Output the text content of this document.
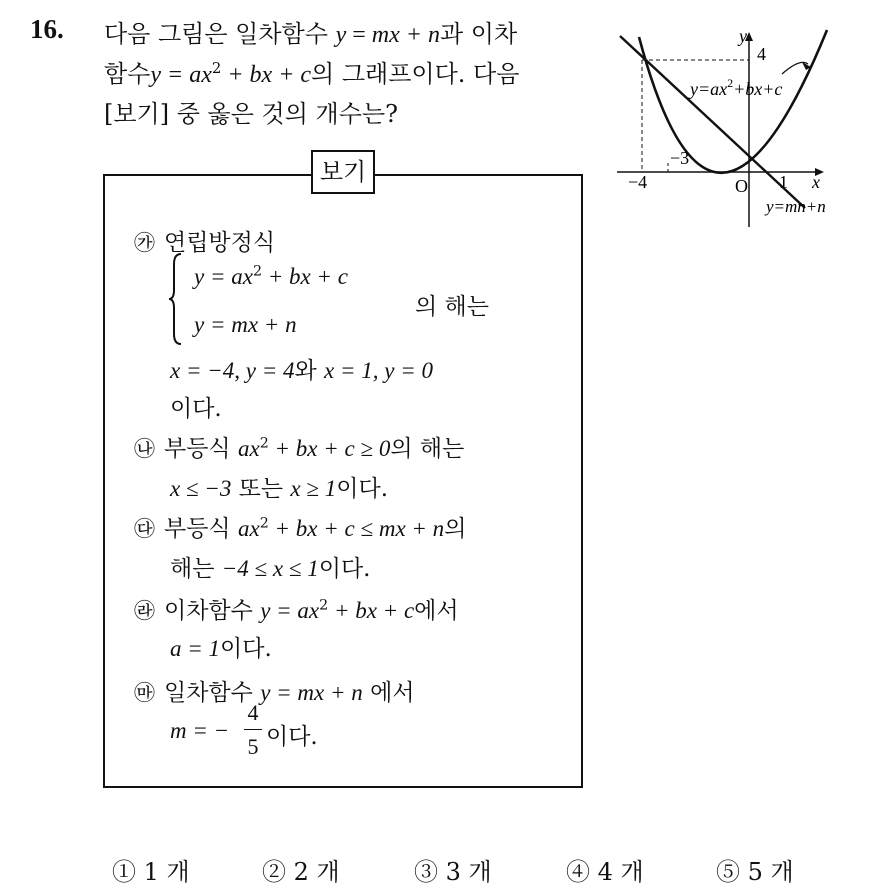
16. 다음 그림은 일차함수 y = mx + n과 이차
함수$y = ax^2$ + bx + c의 그래프이다. 다음
[보기] 중 옳은 것의 개수는?
y
x
O
4
−3
−4	1
$y=ax^2+bx+c$
y=mn+n
보기
㉮ 연립방정식
$y = ax^2$ + bx + c
y = mx + n
의 해는
x = −4, y = 4와 x = 1, y = 0
이다.
㉯ 부등식 $ax^2$ + bx + c ≥ 0의 해는
x ≤ −3 또는 x ≥ 1이다.
㉰ 부등식 $ax^2$ + bx + c ≤ mx + n의
해는 −4 ≤ x ≤ 1이다.
㉱ 이차함수 $y = ax^2$ + bx + c에서
a = 1이다.
㉲ 일차함수 y = mx + n 에서
m = −
4
5 이다.
① 1 개	② 2 개	③ 3 개	④ 4 개	⑤ 5 개
